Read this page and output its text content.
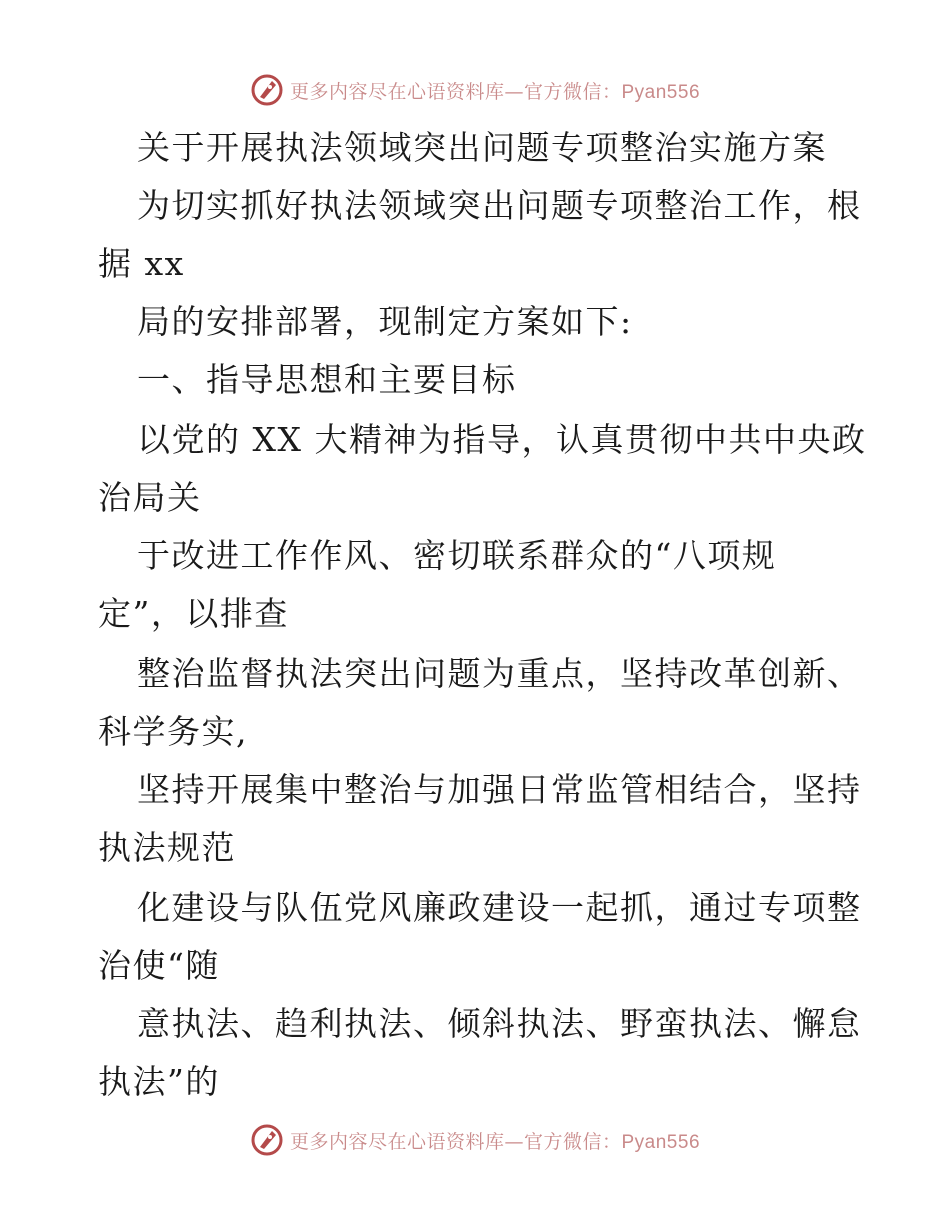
更多内容尽在心语资料库—官方微信：Pyan556
关于开展执法领域突出问题专项整治实施方案
为切实抓好执法领域突出问题专项整治工作，根
据 xx
局的安排部署，现制定方案如下:
一、指导思想和主要目标
以党的 XX 大精神为指导，认真贯彻中共中央政
治局关
于改进工作作风、密切联系群众的“八项规
定”，以排查
整治监督执法突出问题为重点，坚持改革创新、
科学务实,
坚持开展集中整治与加强日常监管相结合，坚持
执法规范
化建设与队伍党风廉政建设一起抓，通过专项整
治使“随
意执法、趋利执法、倾斜执法、野蛮执法、懈怠
执法”的
更多内容尽在心语资料库—官方微信：Pyan556
